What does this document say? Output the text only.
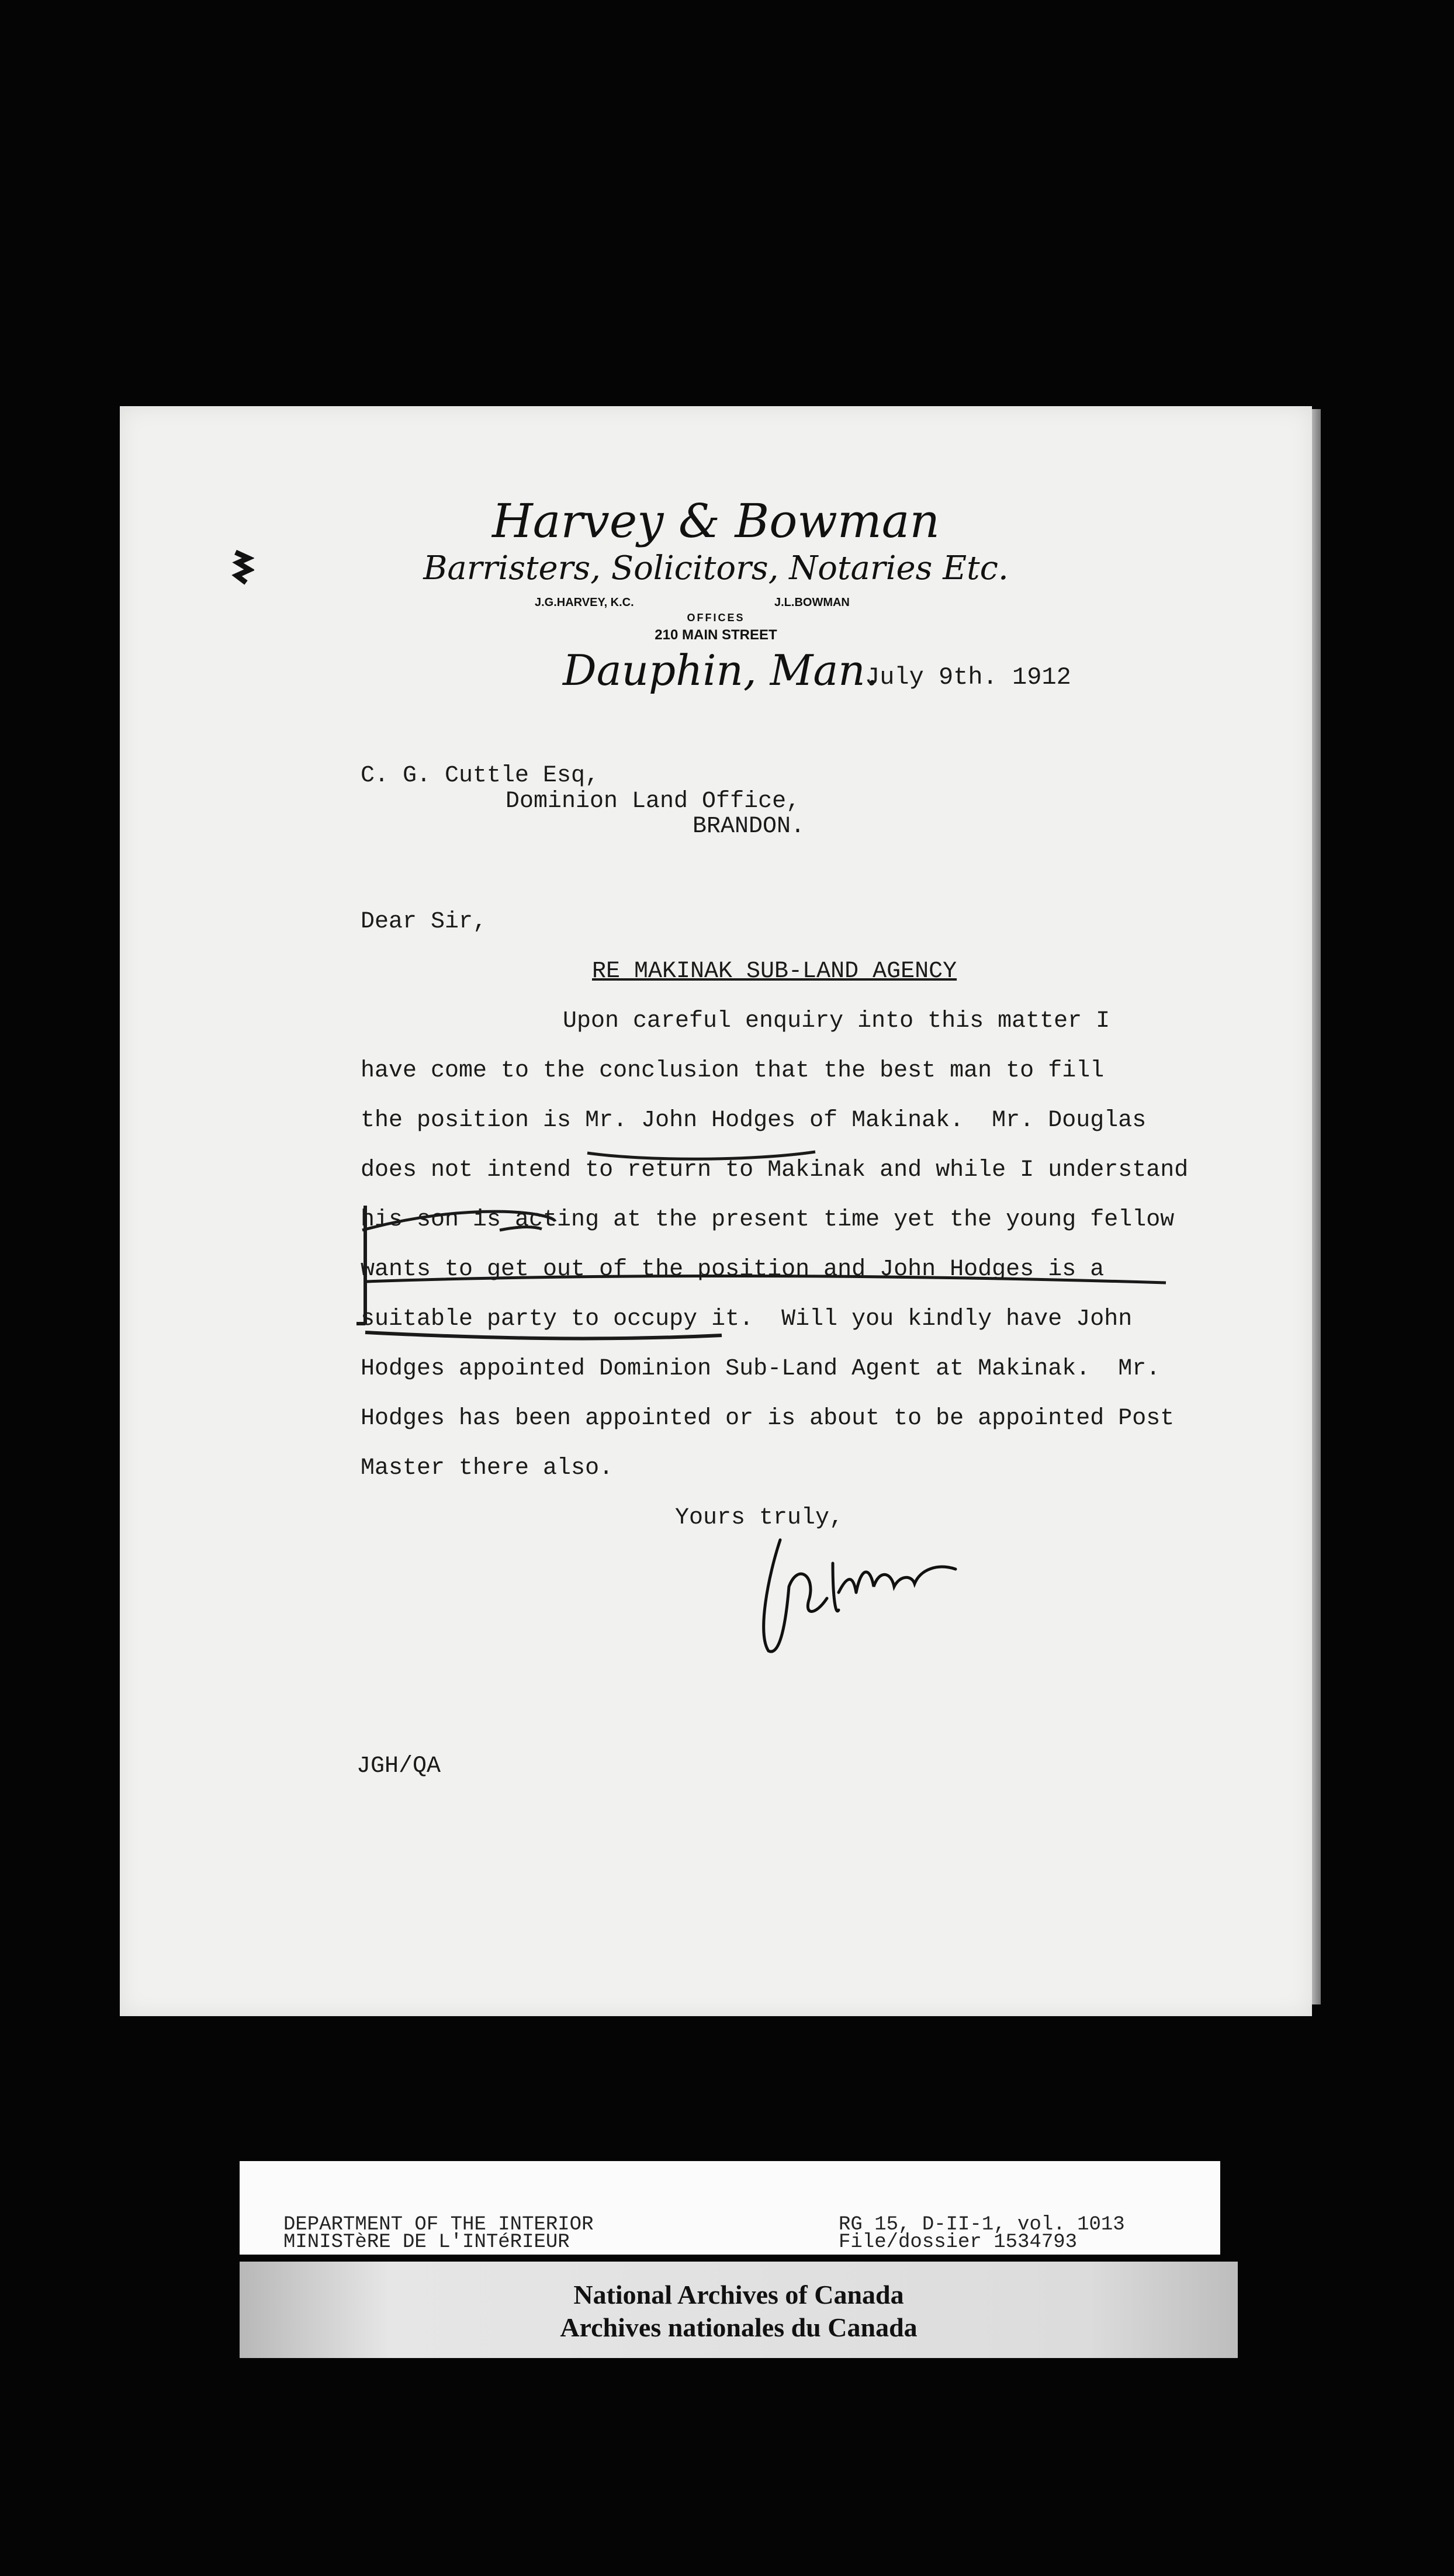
Harvey & Bowman
Barristers, Solicitors, Notaries Etc.
J.G.HARVEY, K.C.	J.L.BOWMAN
OFFICES
210 MAIN STREET
Dauphin, Man.
July 9th. 1912
C. G. Cuttle Esq,
Dominion Land Office,
BRANDON.
Dear Sir,
RE MAKINAK SUB-LAND AGENCY
Upon careful enquiry into this matter I
have come to the conclusion that the best man to fill
the position is Mr. John Hodges of Makinak.  Mr. Douglas
does not intend to return to Makinak and while I understand
his son is acting at the present time yet the young fellow
wants to get out of the position and John Hodges is a
suitable party to occupy it.  Will you kindly have John
Hodges appointed Dominion Sub-Land Agent at Makinak.  Mr.
Hodges has been appointed or is about to be appointed Post
Master there also.
Yours truly,
JGH/QA
DEPARTMENT OF THE INTERIOR
MINISTèRE DE L'INTéRIEUR
RG 15, D-II-1, vol. 1013
File/dossier 1534793
National Archives of Canada
Archives nationales du Canada
